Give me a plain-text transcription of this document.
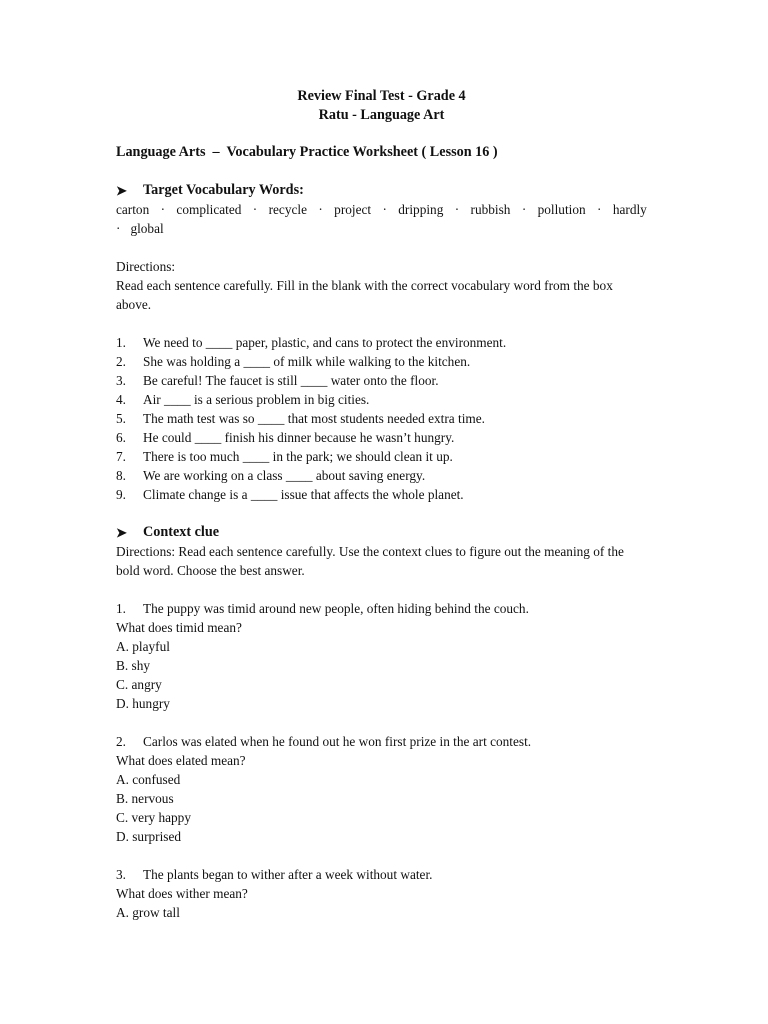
Review Final Test - Grade 4
Ratu - Language Art
Language Arts  –  Vocabulary Practice Worksheet ( Lesson 16 )
➤	Target Vocabulary Words:
carton · complicated · recycle · project · dripping · rubbish · pollution · hardly
· global
Directions:
Read each sentence carefully. Fill in the blank with the correct vocabulary word from the box above.
1.	We need to ____ paper, plastic, and cans to protect the environment.
2.	She was holding a ____ of milk while walking to the kitchen.
3.	Be careful! The faucet is still ____ water onto the floor.
4.	Air ____ is a serious problem in big cities.
5.	The math test was so ____ that most students needed extra time.
6.	He could ____ finish his dinner because he wasn’t hungry.
7.	There is too much ____ in the park; we should clean it up.
8.	We are working on a class ____ about saving energy.
9.	Climate change is a ____ issue that affects the whole planet.
➤	Context clue
Directions: Read each sentence carefully. Use the context clues to figure out the meaning of the bold word. Choose the best answer.
1.	The puppy was timid around new people, often hiding behind the couch.
What does timid mean?
A. playful
B. shy
C. angry
D. hungry
2.	Carlos was elated when he found out he won first prize in the art contest.
What does elated mean?
A. confused
B. nervous
C. very happy
D. surprised
3.	The plants began to wither after a week without water.
What does wither mean?
A. grow tall
